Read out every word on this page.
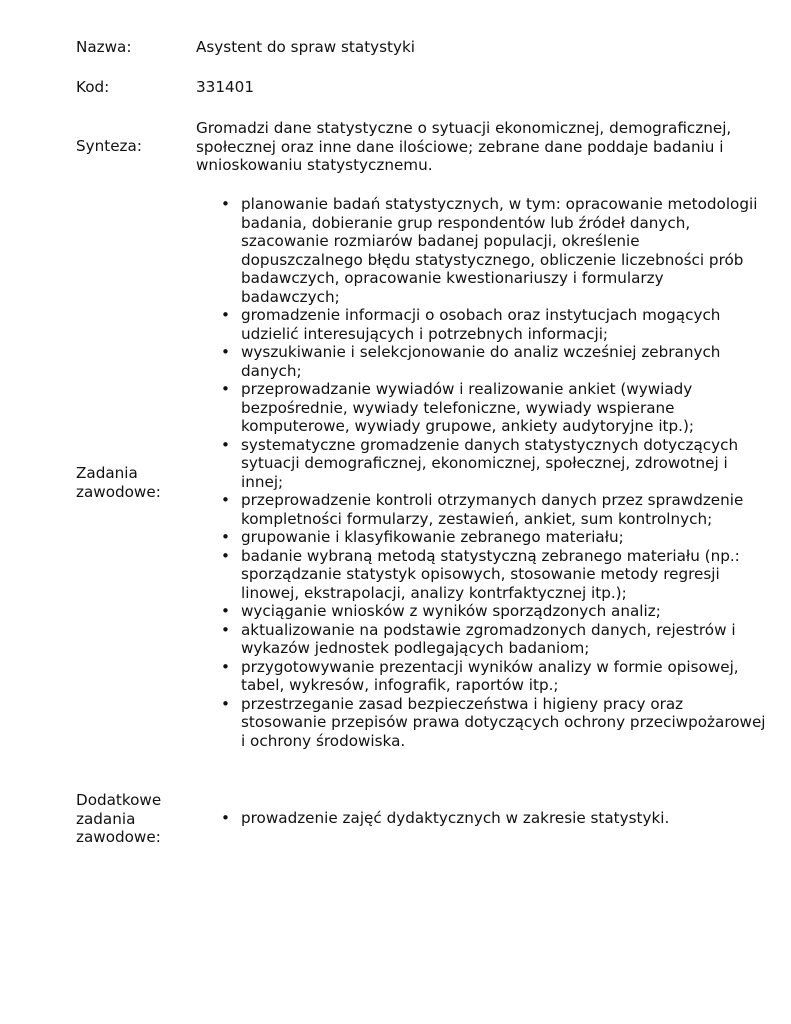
Nazwa:	Asystent do spraw statystyki
Kod:	331401
Synteza:
Gromadzi dane statystyczne o sytuacji ekonomicznej, demograficznej, społecznej oraz inne dane ilościowe; zebrane dane poddaje badaniu i wnioskowaniu statystycznemu.
Zadania zawodowe:
• planowanie badań statystycznych, w tym: opracowanie metodologii badania, dobieranie grup respondentów lub źródeł danych, szacowanie rozmiarów badanej populacji, określenie dopuszczalnego błędu statystycznego, obliczenie liczebności prób badawczych, opracowanie kwestionariuszy i formularzy badawczych;
• gromadzenie informacji o osobach oraz instytucjach mogących udzielić interesujących i potrzebnych informacji;
• wyszukiwanie i selekcjonowanie do analiz wcześniej zebranych danych;
• przeprowadzanie wywiadów i realizowanie ankiet (wywiady bezpośrednie, wywiady telefoniczne, wywiady wspierane komputerowe, wywiady grupowe, ankiety audytoryjne itp.);
• systematyczne gromadzenie danych statystycznych dotyczących sytuacji demograficznej, ekonomicznej, społecznej, zdrowotnej i innej;
• przeprowadzenie kontroli otrzymanych danych przez sprawdzenie kompletności formularzy, zestawień, ankiet, sum kontrolnych;
• grupowanie i klasyfikowanie zebranego materiału;
• badanie wybraną metodą statystyczną zebranego materiału (np.: sporządzanie statystyk opisowych, stosowanie metody regresji linowej, ekstrapolacji, analizy kontrfaktycznej itp.);
• wyciąganie wniosków z wyników sporządzonych analiz;
• aktualizowanie na podstawie zgromadzonych danych, rejestrów i wykazów jednostek podlegających badaniom;
• przygotowywanie prezentacji wyników analizy w formie opisowej, tabel, wykresów, infografik, raportów itp.;
• przestrzeganie zasad bezpieczeństwa i higieny pracy oraz stosowanie przepisów prawa dotyczących ochrony przeciwpożarowej i ochrony środowiska.
Dodatkowe zadania zawodowe:
• prowadzenie zajęć dydaktycznych w zakresie statystyki.
